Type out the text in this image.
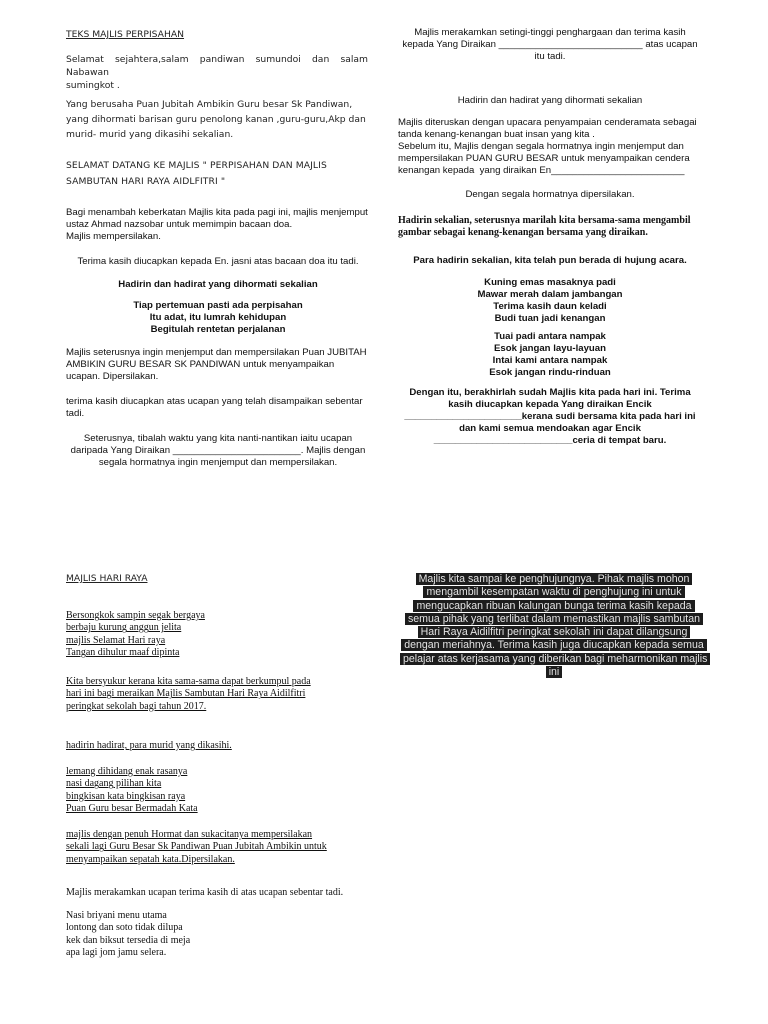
TEKS MAJLIS PERPISAHAN
Selamat sejahtera,salam pandiwan sumundoi dan salam Nabawan
sumingkot .
Yang berusaha Puan Jubitah Ambikin Guru besar Sk Pandiwan,
yang dihormati barisan guru penolong kanan ,guru-guru,Akp dan
murid- murid yang dikasihi sekalian.
SELAMAT DATANG KE MAJLIS " PERPISAHAN DAN MAJLIS
SAMBUTAN HARI RAYA AIDLFITRI "
Bagi menambah keberkatan Majlis kita pada pagi ini, majlis menjemput
ustaz Ahmad nazsobar untuk memimpin bacaan doa.
Majlis mempersilakan.
Terima kasih diucapkan kepada En. jasni atas bacaan doa itu tadi.
Hadirin dan hadirat yang dihormati sekalian
Tiap pertemuan pasti ada perpisahan
Itu adat, itu lumrah kehidupan
Begitulah rentetan perjalanan
Majlis seterusnya ingin menjemput dan mempersilakan Puan JUBITAH
AMBIKIN GURU BESAR SK PANDIWAN untuk menyampaikan
ucapan. Dipersilakan.
terima kasih diucapkan atas ucapan yang telah disampaikan sebentar
tadi.
Seterusnya, tibalah waktu yang kita nanti-nantikan iaitu ucapan
daripada Yang Diraikan ________________________. Majlis dengan
segala hormatnya ingin menjemput dan mempersilakan.
Majlis merakamkan setingi-tinggi penghargaan dan terima kasih
kepada Yang Diraikan ___________________________ atas ucapan
itu tadi.
Hadirin dan hadirat yang dihormati sekalian
Majlis diteruskan dengan upacara penyampaian cenderamata sebagai
tanda kenang-kenangan buat insan yang kita .
Sebelum itu, Majlis dengan segala hormatnya ingin menjemput dan
mempersilakan PUAN GURU BESAR untuk menyampaikan cendera
kenangan kepada  yang diraikan En_________________________
Dengan segala hormatnya dipersilakan.
Hadirin sekalian, seterusnya marilah kita bersama-sama mengambil
gambar sebagai kenang-kenangan bersama yang diraikan.
Para hadirin sekalian, kita telah pun berada di hujung acara.
Kuning emas masaknya padi
Mawar merah dalam jambangan
Terima kasih daun keladi
Budi tuan jadi kenangan
Tuai padi antara nampak
Esok jangan layu-layuan
Intai kami antara nampak
Esok jangan rindu-rinduan
Dengan itu, berakhirlah sudah Majlis kita pada hari ini. Terima
kasih diucapkan kepada Yang diraikan Encik
______________________kerana sudi bersama kita pada hari ini
dan kami semua mendoakan agar Encik
__________________________ceria di tempat baru.
MAJLIS HARI RAYA
Bersongkok sampin segak bergaya
berbaju kurung anggun jelita
majlis Selamat Hari raya
Tangan dihulur maaf dipinta
Kita bersyukur kerana kita sama-sama dapat berkumpul pada
hari ini bagi meraikan Majlis Sambutan Hari Raya Aidilfitri
peringkat sekolah bagi tahun 2017.
hadirin hadirat, para murid yang dikasihi.
lemang dihidang enak rasanya
nasi dagang pilihan kita
bingkisan kata bingkisan raya
Puan Guru besar Bermadah Kata
majlis dengan penuh Hormat dan sukacitanya mempersilakan
sekali lagi Guru Besar Sk Pandiwan Puan Jubitah Ambikin untuk
menyampaikan sepatah kata.Dipersilakan.
Majlis merakamkan ucapan terima kasih di atas ucapan sebentar tadi.
Nasi briyani menu utama
lontong dan soto tidak dilupa
kek dan biksut tersedia di meja
apa lagi jom jamu selera.
Majlis kita sampai ke penghujungnya. Pihak majlis mohon mengambil kesempatan waktu di penghujung ini untuk mengucapkan ribuan kalungan bunga terima kasih kepada semua pihak yang terlibat dalam memastikan majlis sambutan Hari Raya Aidilfitri peringkat sekolah ini dapat dilangsung dengan meriahnya. Terima kasih juga diucapkan kepada semua pelajar atas kerjasama yang diberikan bagi meharmonikan majlis ini
